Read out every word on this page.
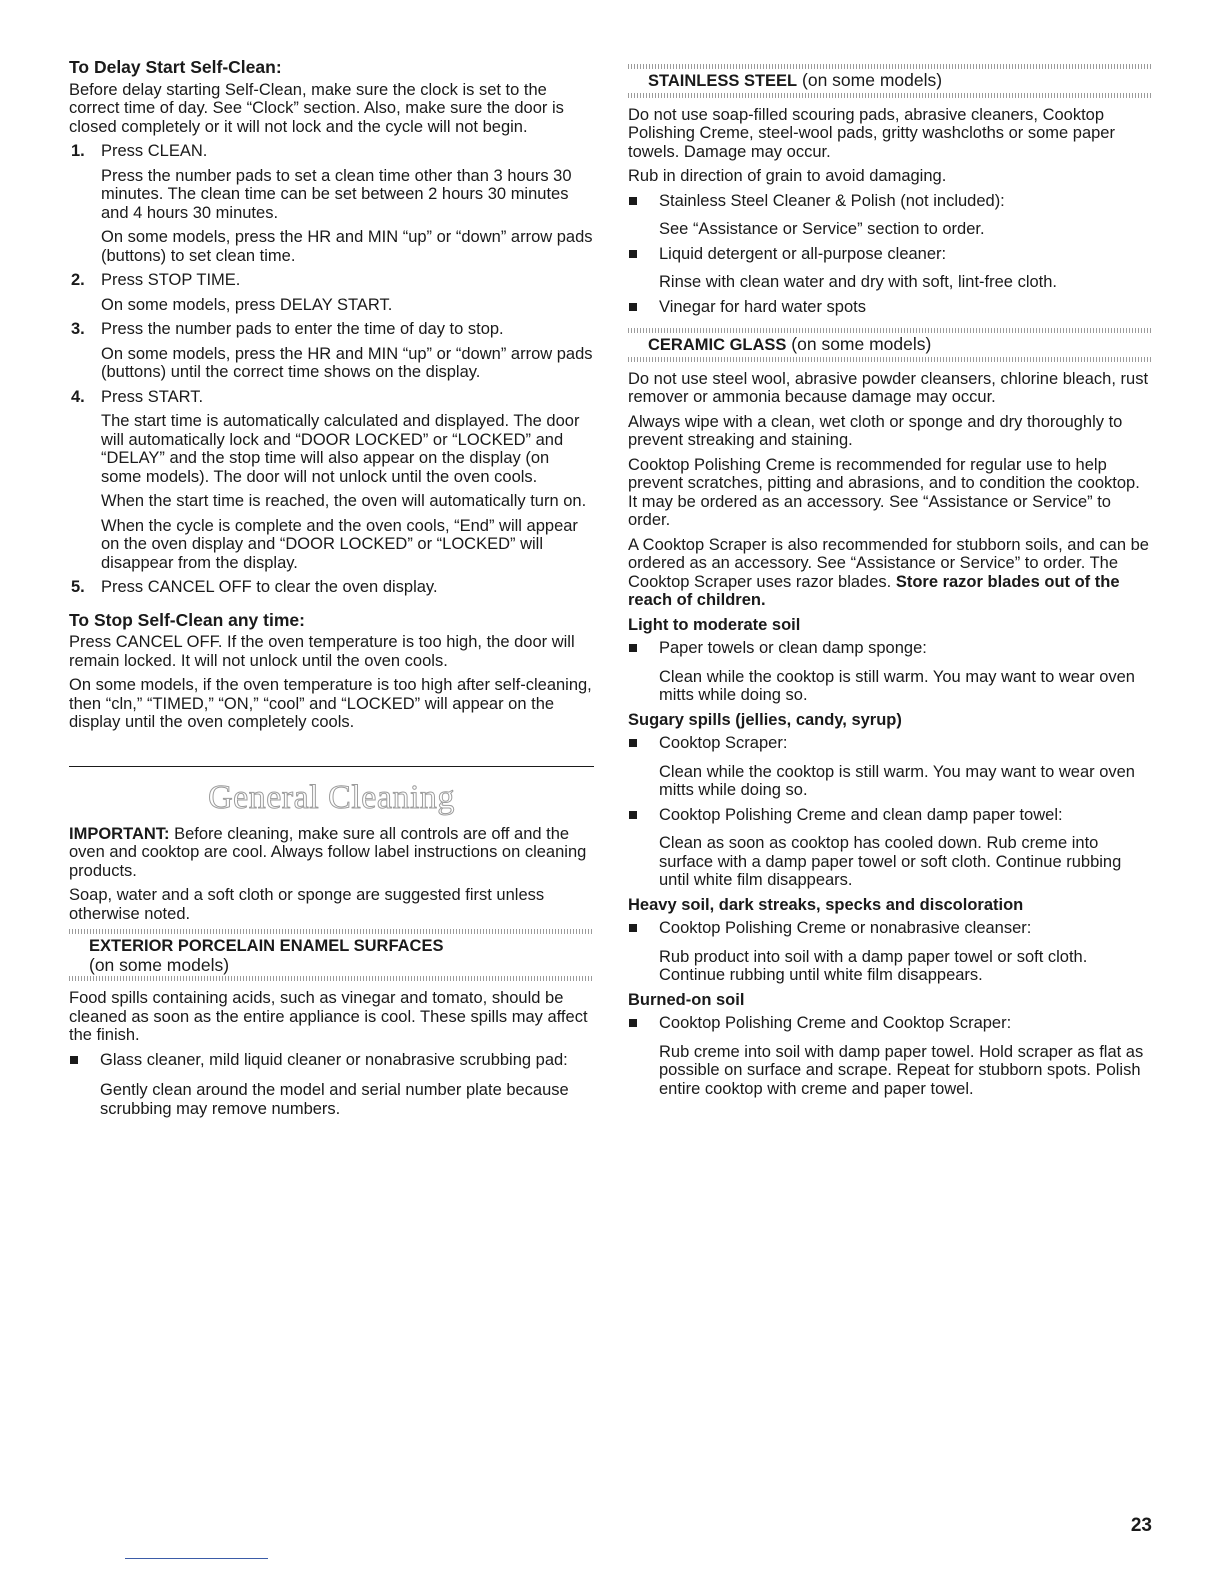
To Delay Start Self-Clean:

Before delay starting Self-Clean, make sure the clock is set to the correct time of day. See “Clock” section. Also, make sure the door is closed completely or it will not lock and the cycle will not begin.

1. Press CLEAN.
Press the number pads to set a clean time other than 3 hours 30 minutes. The clean time can be set between 2 hours 30 minutes and 4 hours 30 minutes.
On some models, press the HR and MIN “up” or “down” arrow pads (buttons) to set clean time.
2. Press STOP TIME.
On some models, press DELAY START.
3. Press the number pads to enter the time of day to stop.
On some models, press the HR and MIN “up” or “down” arrow pads (buttons) until the correct time shows on the display.
4. Press START.
The start time is automatically calculated and displayed. The door will automatically lock and “DOOR LOCKED” or “LOCKED” and “DELAY” and the stop time will also appear on the display (on some models). The door will not unlock until the oven cools.
When the start time is reached, the oven will automatically turn on.
When the cycle is complete and the oven cools, “End” will appear on the oven display and “DOOR LOCKED” or “LOCKED” will disappear from the display.
5. Press CANCEL OFF to clear the oven display.
To Stop Self-Clean any time:

Press CANCEL OFF. If the oven temperature is too high, the door will remain locked. It will not unlock until the oven cools.

On some models, if the oven temperature is too high after self-cleaning, then “cln,” “TIMED,” “ON,” “cool” and “LOCKED” will appear on the display until the oven completely cools.

General Cleaning

IMPORTANT: Before cleaning, make sure all controls are off and the oven and cooktop are cool. Always follow label instructions on cleaning products.

Soap, water and a soft cloth or sponge are suggested first unless otherwise noted.

EXTERIOR PORCELAIN ENAMEL SURFACES
(on some models)

Food spills containing acids, such as vinegar and tomato, should be cleaned as soon as the entire appliance is cool. These spills may affect the finish.

Glass cleaner, mild liquid cleaner or nonabrasive scrubbing pad:
Gently clean around the model and serial number plate because scrubbing may remove numbers.
STAINLESS STEEL (on some models)

Do not use soap-filled scouring pads, abrasive cleaners, Cooktop Polishing Creme, steel-wool pads, gritty washcloths or some paper towels. Damage may occur.

Rub in direction of grain to avoid damaging.

Stainless Steel Cleaner & Polish (not included):
See “Assistance or Service” section to order.
Liquid detergent or all-purpose cleaner:
Rinse with clean water and dry with soft, lint-free cloth.
Vinegar for hard water spots
CERAMIC GLASS (on some models)

Do not use steel wool, abrasive powder cleansers, chlorine bleach, rust remover or ammonia because damage may occur.

Always wipe with a clean, wet cloth or sponge and dry thoroughly to prevent streaking and staining.

Cooktop Polishing Creme is recommended for regular use to help prevent scratches, pitting and abrasions, and to condition the cooktop. It may be ordered as an accessory. See “Assistance or Service” to order.

A Cooktop Scraper is also recommended for stubborn soils, and can be ordered as an accessory. See “Assistance or Service” to order. The Cooktop Scraper uses razor blades. Store razor blades out of the reach of children.

Light to moderate soil
Paper towels or clean damp sponge:
Clean while the cooktop is still warm. You may want to wear oven mitts while doing so.
Sugary spills (jellies, candy, syrup)
Cooktop Scraper:
Clean while the cooktop is still warm. You may want to wear oven mitts while doing so.
Cooktop Polishing Creme and clean damp paper towel:
Clean as soon as cooktop has cooled down. Rub creme into surface with a damp paper towel or soft cloth. Continue rubbing until white film disappears.
Heavy soil, dark streaks, specks and discoloration
Cooktop Polishing Creme or nonabrasive cleanser:
Rub product into soil with a damp paper towel or soft cloth. Continue rubbing until white film disappears.
Burned-on soil
Cooktop Polishing Creme and Cooktop Scraper:
Rub creme into soil with damp paper towel. Hold scraper as flat as possible on surface and scrape. Repeat for stubborn spots. Polish entire cooktop with creme and paper towel.
23
